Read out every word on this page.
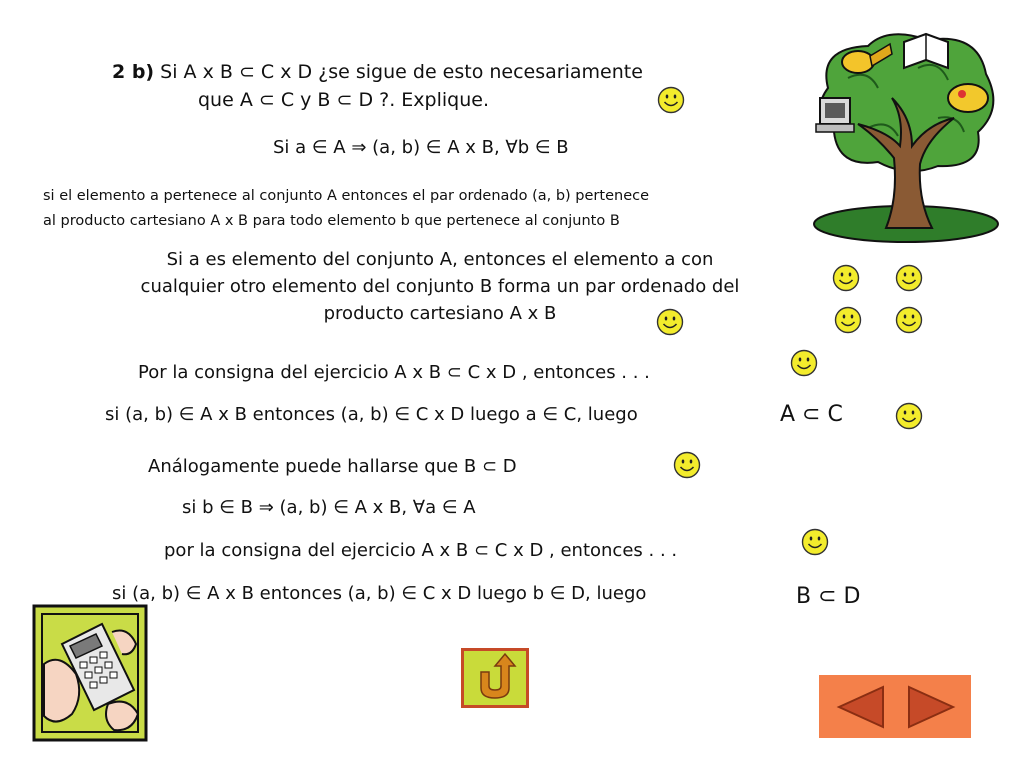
2 b) Si A x B ⊂ C x D ¿se sigue de esto necesariamente
que A ⊂ C y B ⊂ D ?. Explique.
Si a ∈ A ⇒ (a, b) ∈ A x B, ∀b ∈ B
si el elemento a pertenece al conjunto A entonces el par ordenado (a, b) pertenece
al producto cartesiano A x B para todo elemento b que pertenece al conjunto B
Si a es elemento del conjunto A, entonces el elemento a con
cualquier otro elemento del conjunto B forma un par ordenado del
producto cartesiano A x B
Por la consigna del ejercicio A x B ⊂ C x D , entonces . . .
si (a, b) ∈ A x B entonces (a, b) ∈ C x D luego a ∈ C, luego	A ⊂ C
Análogamente puede hallarse que B ⊂ D
si b ∈ B ⇒ (a, b) ∈ A x B, ∀a ∈ A
por la consigna del ejercicio A x B ⊂ C x D , entonces . . .
si (a, b) ∈ A x B entonces (a, b) ∈ C x D luego b ∈ D, luego	B ⊂ D
